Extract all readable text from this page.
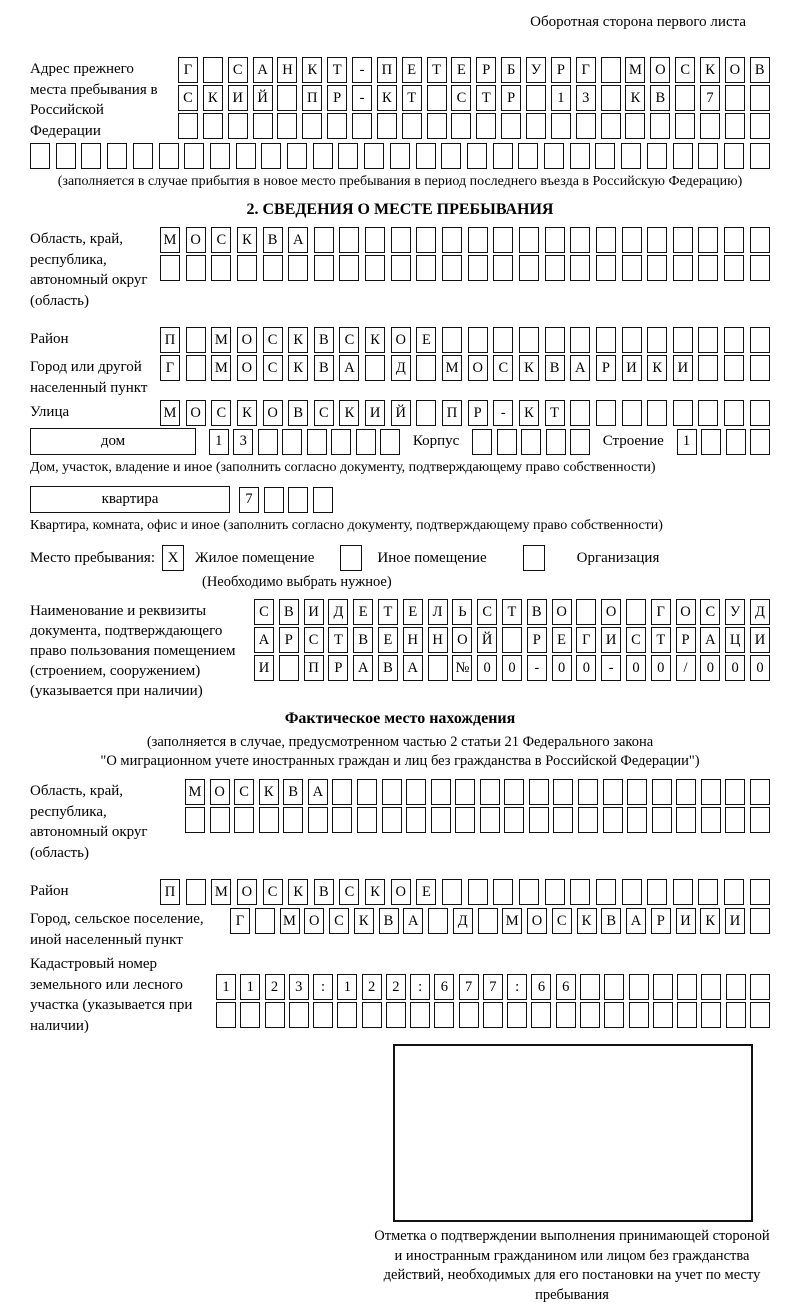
Оборотная сторона первого листа
Адрес прежнего места пребывания в Российской Федерации
Г	С	А Н	К	Т	-	П	Е	Т	Е	Р	Б	У	Р	Г	М О	С	К	О	В
С	К	И Й	П	Р	-	К	Т	С	Т	Р	1	3	К	В	7
(заполняется в случае прибытия в новое место пребывания в период последнего въезда в Российскую Федерацию)
2. СВЕДЕНИЯ О МЕСТЕ ПРЕБЫВАНИЯ
Область, край, республика, автономный округ (область)
М О	С	К	В	А
Район	П	М О	С	К	В	С	К	О	Е
Город или другой населенный пункт
Г	М О	С	К	В	А	Д	М О	С	К	В	А	Р	И	К	И
Улица	М О	С	К	О	В	С	К	И	Й	П	Р	-	К	Т
дом	1	3	Корпус	Строение	1
Дом, участок, владение и иное (заполнить согласно документу, подтверждающему право собственности)
квартира	7
Квартира, комната, офис и иное (заполнить согласно документу, подтверждающему право собственности)
Место пребывания: X	Жилое помещение	Иное помещение	Организация
(Необходимо выбрать нужное)
Наименование и реквизиты документа, подтверждающего право пользования помещением (строением, сооружением) (указывается при наличии)
С	В	И	Д	Е	Т	Е	Л	Ь	С	Т	В	О	О	Г	О	С	У	Д
А	Р	С	Т	В	Е	Н Н О Й	Р	Е	Г	И	С	Т	Р	А Ц И
И	П	Р	А	В	А	№ 0	0	-	0	0	-	0	0	/	0	0	0
Фактическое место нахождения
(заполняется в случае, предусмотренном частью 2 статьи 21 Федерального закона
"О миграционном учете иностранных граждан и лиц без гражданства в Российской Федерации")
Область, край, республика, автономный округ (область)
М О С	К	В А
Район	П	М О	С	К	В	С	К	О	Е
Город, сельское поселение, иной населенный пункт
Г	М О	С	К	В	А	Д	М О	С	К	В	А	Р	И	К	И
Кадастровый номер земельного или лесного участка (указывается при наличии)
1	1	2	3	:	1	2	2	:	6	7	7	:	6	6
Отметка о подтверждении выполнения принимающей стороной и иностранным гражданином или лицом без гражданства действий, необходимых для его постановки на учет по месту пребывания
